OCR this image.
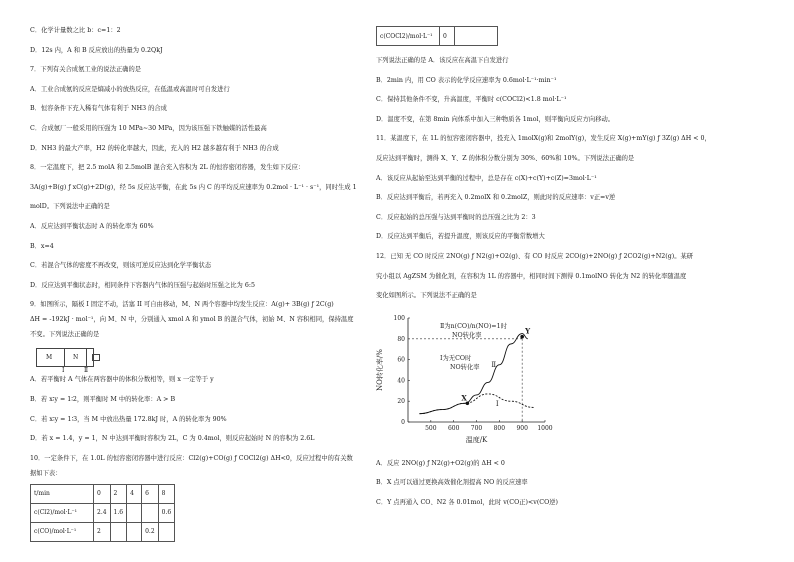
C．化学计量数之比 b：c=1：2
D．12s 内，A 和 B 反应放出的热量为 0.2QkJ
7．下列有关合成氨工业的说法正确的是
A．工业合成氨的反应是熵减小的放热反应，在低温或高温时可自发进行
B．恒容条件下充入稀有气体有利于 NH3 的合成
C．合成氨厂一般采用的压强为 10 MPa∼30 MPa，因为该压强下铁触媒的活性最高
D．NH3 的最大产率，H2 的转化率越大，因此，充入的 H2 越多越有利于 NH3 的合成
8．一定温度下，把 2.5 molA 和 2.5molB 混合充入容积为 2L 的恒容密闭容器，发生如下反应：
3A(g)+B(g) ƒ xC(g)+2D(g)，经 5s 反应达平衡，在此 5s 内 C 的平均反应速率为 0.2mol · L⁻¹ · s⁻¹，同时生成 1
molD。下列说法中正确的是
A．反应达到平衡状态时 A 的转化率为 60%
B．x=4
C．若混合气体的密度不再改变，则该可逆反应达到化学平衡状态
D．反应达到平衡状态时，相同条件下容器内气体的压强与起始时压强之比为 6:5
9．如图所示，隔板 I 固定不动，活塞 II 可自由移动，M、N 两个容器中均发生反应：A(g)+ 3B(g) ƒ 2C(g)
ΔH = -192kJ · mol⁻¹，向 M、N 中，分别通入 xmol A 和 ymol B 的混合气体，初始 M、N 容积相同，保持温度
不变。下列说法正确的是
M	N
Ⅰ	Ⅱ
A．若平衡时 A 气体在两容器中的体积分数相等，则 x 一定等于 y
B．若 x∶y = 1∶2，则平衡时 M 中的转化率：A > B
C．若 x∶y = 1∶3，当 M 中放出热量 172.8kJ 时，A 的转化率为 90%
D．若 x = 1.4，y = 1，N 中达到平衡时容积为 2L，C 为 0.4mol，则反应起始时 N 的容积为 2.6L
10．一定条件下，在 1.0L 的恒容密闭容器中进行反应：Cl2(g)+CO(g) ƒ COCl2(g) ΔH<0，反应过程中的有关数
据如下表：
t/min	0	2	4	6	8
c(Cl2)/mol·L⁻¹	2.4	1.6			0.6
c(CO)/mol·L⁻¹	2			0.2	
c(COCl2)/mol·L⁻¹	0	
下列说法正确的是 A．该反应在高温下自发进行
B．2min 内，用 CO 表示的化学反应速率为 0.6mol·L⁻¹·min⁻¹
C．保持其他条件不变，升高温度，平衡时 c(COCl2)<1.8 mol·L⁻¹
D．温度不变，在第 8min 向体系中加入三种物质各 1mol，则平衡向反应方向移动。
11．某温度下，在 1L 的恒容密闭容器中，投充入 1molX(g)和 2molY(g)，发生反应 X(g)+mY(g) ƒ 3Z(g) ΔH < 0，
反应达到平衡时，测得 X、Y、Z 的体积分数分别为 30%、60%和 10%。下列说法正确的是
A．该反应从起始至达到平衡的过程中，总是存在 c(X)+c(Y)+c(Z)=3mol·L⁻¹
B．反应达到平衡后，若再充入 0.2molX 和 0.2molZ，则此时的反应速率：v正=v逆
C．反应起始的总压强与达到平衡时的总压强之比为 2：3
D．反应达到平衡后，若提升温度，则该反应的平衡常数增大
12．已知 无 CO 时反应 2NO(g) ƒ N2(g)+O2(g)、有 CO 时反应 2CO(g)+2NO(g) ƒ 2CO2(g)+N2(g)。某研
究小组以 AgZSM 为催化剂，在容积为 1L 的容器中，相同时间下测得 0.1molNO 转化为 N2 的转化率随温度
变化如图所示。下列说法不正确的是
A．反应 2NO(g) ƒ N2(g)+O2(g)的 ΔH < 0
B．X 点可以通过更换高效催化剂提高 NO 的反应速率
C．Y 点再通入 CO、N2 各 0.01mol，此时 v(CO正)<v(CO逆)
500 600 700 800 900 1000
0
20
40
60
80
100
Ⅱ
Ⅰ
X
Y
Ⅱ为n(CO)/n(NO)=1时
NO转化率
Ⅰ为无CO时
NO转化率
温度/K
NO转化率/%
